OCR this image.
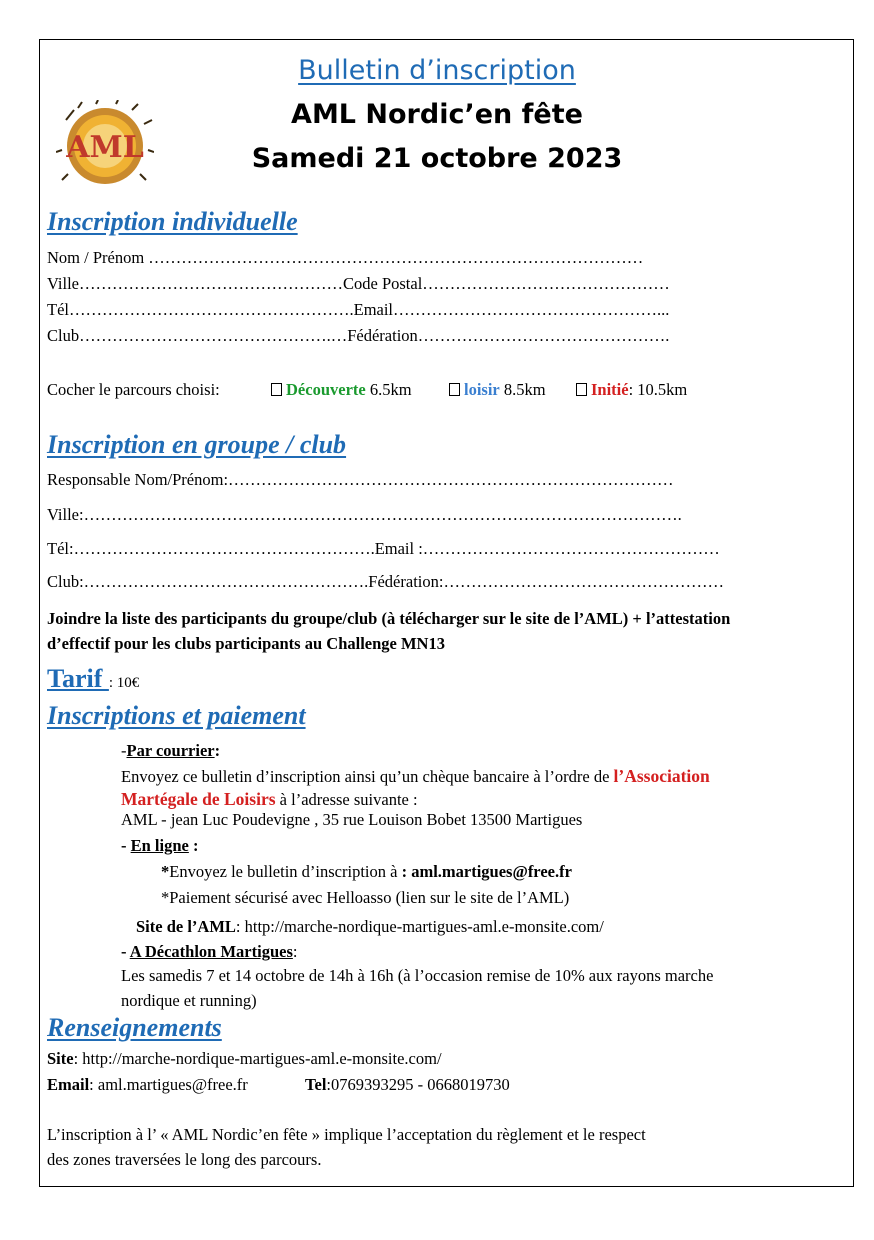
Bulletin d’inscription
AML Nordic’en fête
Samedi 21 octobre 2023
AML
Inscription individuelle
Nom / Prénom ………………………………………………………………………………
Ville…………………………………………Code Postal………………………………………
Tél…………………………………………….Email…………………………………………...
Club……………………………………….…Fédération……………………………………….
Cocher le parcours choisi:	Découverte 6.5km	loisir 8.5km	Initié: 10.5km
Inscription en groupe / club
Responsable Nom/Prénom:………………………………………………………………………
Ville:……………………………………………………………………………………………….
Tél:……………………………………………….Email :………………………………………………
Club:…………………………………………….Fédération:……………………………………………
Joindre la liste des participants du groupe/club (à télécharger sur le site de l’AML) + l’attestation
d’effectif pour les clubs participants au Challenge MN13
Tarif : 10€
Inscriptions et paiement
-Par courrier:
Envoyez ce bulletin d’inscription ainsi qu’un chèque bancaire à l’ordre de l’Association
Martégale de Loisirs à l’adresse suivante :
AML - jean Luc Poudevigne , 35 rue Louison Bobet 13500 Martigues
- En ligne :
*Envoyez le bulletin d’inscription à : aml.martigues@free.fr
*Paiement sécurisé avec Helloasso (lien sur le site de l’AML)
Site de l’AML: http://marche-nordique-martigues-aml.e-monsite.com/
- A Décathlon Martigues:
Les samedis 7 et 14 octobre de 14h à 16h (à l’occasion remise de 10% aux rayons marche
nordique et running)
Renseignements
Site: http://marche-nordique-martigues-aml.e-monsite.com/
Email: aml.martigues@free.fr	Tel:0769393295 - 0668019730
L’inscription à l’ « AML Nordic’en fête » implique l’acceptation du règlement et le respect
des zones traversées le long des parcours.
